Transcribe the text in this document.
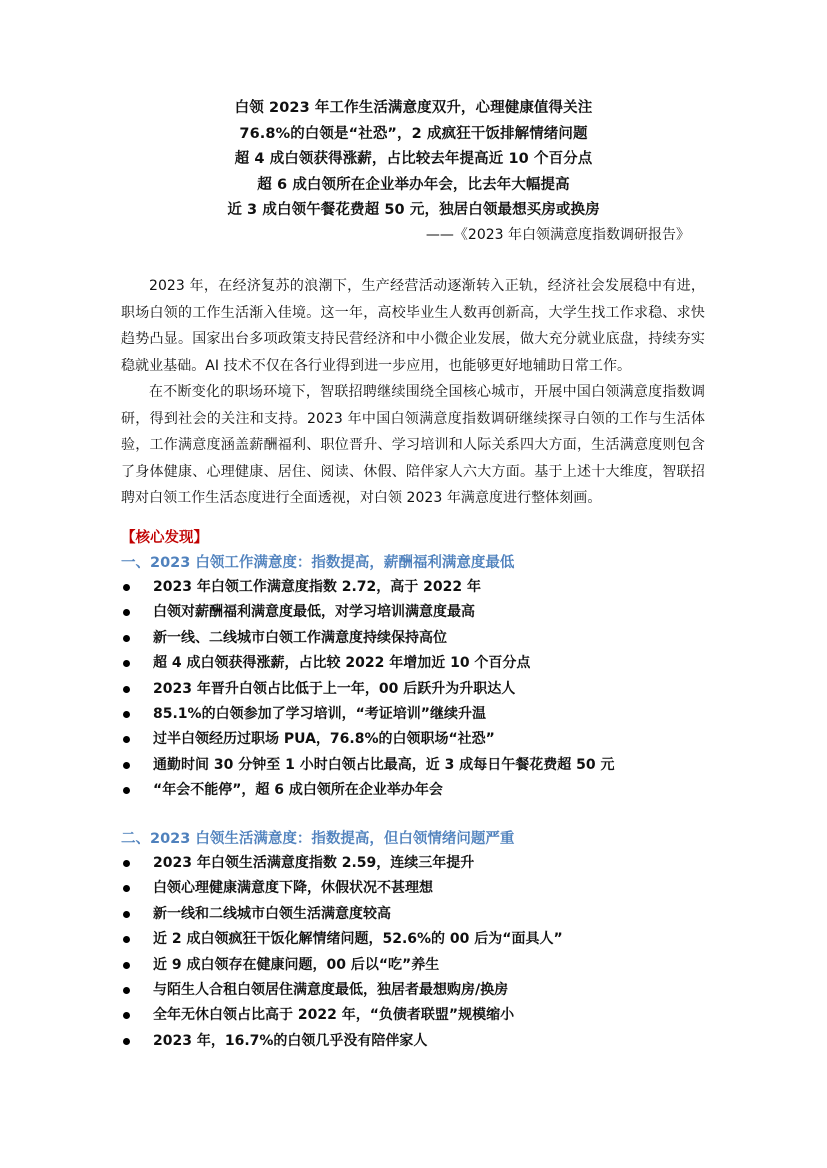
白领 2023 年工作生活满意度双升，心理健康值得关注
76.8%的白领是“社恐”，2 成疯狂干饭排解情绪问题
超 4 成白领获得涨薪，占比较去年提高近 10 个百分点
超 6 成白领所在企业举办年会，比去年大幅提高
近 3 成白领午餐花费超 50 元，独居白领最想买房或换房
——《2023 年白领满意度指数调研报告》

2023 年，在经济复苏的浪潮下，生产经营活动逐渐转入正轨，经济社会发展稳中有进，职场白领的工作生活渐入佳境。这一年，高校毕业生人数再创新高，大学生找工作求稳、求快趋势凸显。国家出台多项政策支持民营经济和中小微企业发展，做大充分就业底盘，持续夯实稳就业基础。AI 技术不仅在各行业得到进一步应用，也能够更好地辅助日常工作。

在不断变化的职场环境下，智联招聘继续围绕全国核心城市，开展中国白领满意度指数调研，得到社会的关注和支持。2023 年中国白领满意度指数调研继续探寻白领的工作与生活体验，工作满意度涵盖薪酬福利、职位晋升、学习培训和人际关系四大方面，生活满意度则包含了身体健康、心理健康、居住、阅读、休假、陪伴家人六大方面。基于上述十大维度，智联招聘对白领工作生活态度进行全面透视，对白领 2023 年满意度进行整体刻画。

【核心发现】
一、2023 白领工作满意度：指数提高，薪酬福利满意度最低
2023 年白领工作满意度指数 2.72，高于 2022 年
白领对薪酬福利满意度最低，对学习培训满意度最高
新一线、二线城市白领工作满意度持续保持高位
超 4 成白领获得涨薪，占比较 2022 年增加近 10 个百分点
2023 年晋升白领占比低于上一年，00 后跃升为升职达人
85.1%的白领参加了学习培训，“考证培训”继续升温
过半白领经历过职场 PUA，76.8%的白领职场“社恐”
通勤时间 30 分钟至 1 小时白领占比最高，近 3 成每日午餐花费超 50 元
“年会不能停”，超 6 成白领所在企业举办年会
二、2023 白领生活满意度：指数提高，但白领情绪问题严重
2023 年白领生活满意度指数 2.59，连续三年提升
白领心理健康满意度下降，休假状况不甚理想
新一线和二线城市白领生活满意度较高
近 2 成白领疯狂干饭化解情绪问题，52.6%的 00 后为“面具人”
近 9 成白领存在健康问题，00 后以“吃”养生
与陌生人合租白领居住满意度最低，独居者最想购房/换房
全年无休白领占比高于 2022 年，“负债者联盟”规模缩小
2023 年，16.7%的白领几乎没有陪伴家人
